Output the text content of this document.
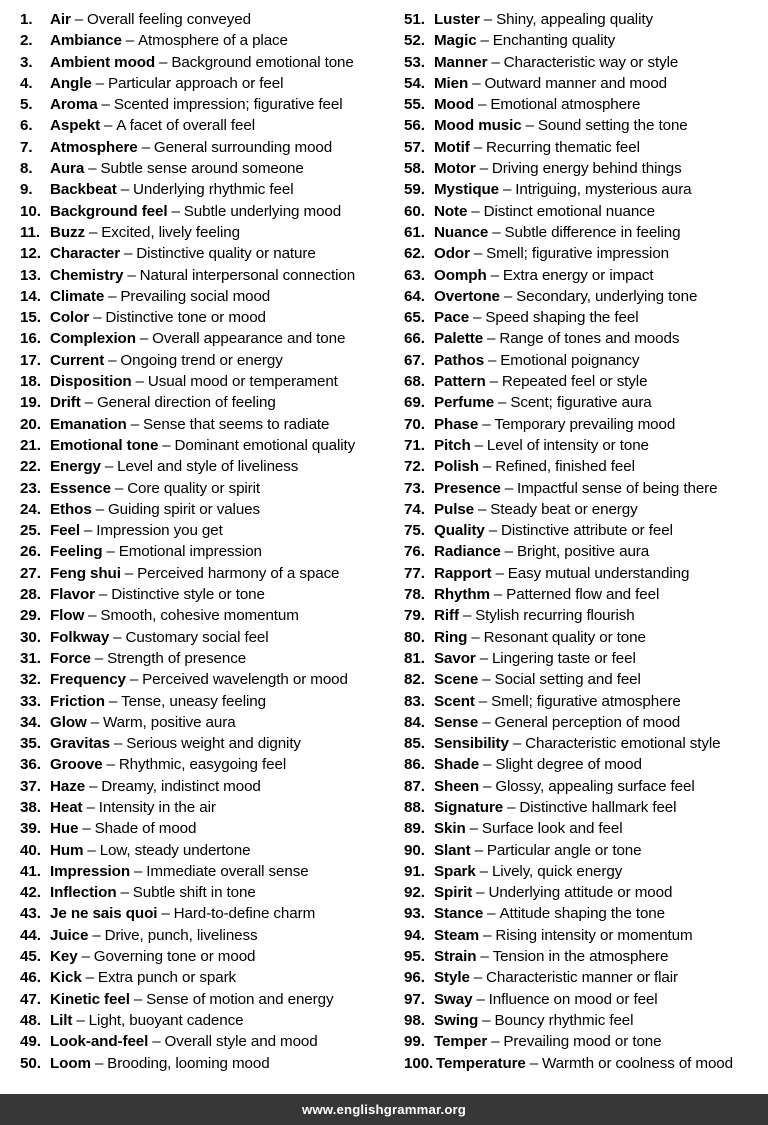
1.	Air – Overall feeling conveyed
2.	Ambiance – Atmosphere of a place
3.	Ambient mood – Background emotional tone
4.	Angle – Particular approach or feel
5.	Aroma – Scented impression; figurative feel
6.	Aspekt – A facet of overall feel
7.	Atmosphere – General surrounding mood
8.	Aura – Subtle sense around someone
9.	Backbeat – Underlying rhythmic feel
10. Background feel – Subtle underlying mood
11. Buzz – Excited, lively feeling
12. Character – Distinctive quality or nature
13. Chemistry – Natural interpersonal connection
14. Climate – Prevailing social mood
15. Color – Distinctive tone or mood
16. Complexion – Overall appearance and tone
17. Current – Ongoing trend or energy
18. Disposition – Usual mood or temperament
19. Drift – General direction of feeling
20. Emanation – Sense that seems to radiate
21. Emotional tone – Dominant emotional quality
22. Energy – Level and style of liveliness
23. Essence – Core quality or spirit
24. Ethos – Guiding spirit or values
25. Feel – Impression you get
26. Feeling – Emotional impression
27. Feng shui – Perceived harmony of a space
28. Flavor – Distinctive style or tone
29. Flow – Smooth, cohesive momentum
30. Folkway – Customary social feel
31. Force – Strength of presence
32. Frequency – Perceived wavelength or mood
33. Friction – Tense, uneasy feeling
34. Glow – Warm, positive aura
35. Gravitas – Serious weight and dignity
36. Groove – Rhythmic, easygoing feel
37. Haze – Dreamy, indistinct mood
38. Heat – Intensity in the air
39. Hue – Shade of mood
40. Hum – Low, steady undertone
41. Impression – Immediate overall sense
42. Inflection – Subtle shift in tone
43. Je ne sais quoi – Hard-to-define charm
44. Juice – Drive, punch, liveliness
45. Key – Governing tone or mood
46. Kick – Extra punch or spark
47. Kinetic feel – Sense of motion and energy
48. Lilt – Light, buoyant cadence
49. Look-and-feel – Overall style and mood
50. Loom – Brooding, looming mood
51. Luster – Shiny, appealing quality
52. Magic – Enchanting quality
53. Manner – Characteristic way or style
54. Mien – Outward manner and mood
55. Mood – Emotional atmosphere
56. Mood music – Sound setting the tone
57. Motif – Recurring thematic feel
58. Motor – Driving energy behind things
59. Mystique – Intriguing, mysterious aura
60. Note – Distinct emotional nuance
61. Nuance – Subtle difference in feeling
62. Odor – Smell; figurative impression
63. Oomph – Extra energy or impact
64. Overtone – Secondary, underlying tone
65. Pace – Speed shaping the feel
66. Palette – Range of tones and moods
67. Pathos – Emotional poignancy
68. Pattern – Repeated feel or style
69. Perfume – Scent; figurative aura
70. Phase – Temporary prevailing mood
71. Pitch – Level of intensity or tone
72. Polish – Refined, finished feel
73. Presence – Impactful sense of being there
74. Pulse – Steady beat or energy
75. Quality – Distinctive attribute or feel
76. Radiance – Bright, positive aura
77. Rapport – Easy mutual understanding
78. Rhythm – Patterned flow and feel
79. Riff – Stylish recurring flourish
80. Ring – Resonant quality or tone
81. Savor – Lingering taste or feel
82. Scene – Social setting and feel
83. Scent – Smell; figurative atmosphere
84. Sense – General perception of mood
85. Sensibility – Characteristic emotional style
86. Shade – Slight degree of mood
87. Sheen – Glossy, appealing surface feel
88. Signature – Distinctive hallmark feel
89. Skin – Surface look and feel
90. Slant – Particular angle or tone
91. Spark – Lively, quick energy
92. Spirit – Underlying attitude or mood
93. Stance – Attitude shaping the tone
94. Steam – Rising intensity or momentum
95. Strain – Tension in the atmosphere
96. Style – Characteristic manner or flair
97. Sway – Influence on mood or feel
98. Swing – Bouncy rhythmic feel
99. Temper – Prevailing mood or tone
100. Temperature – Warmth or coolness of mood
www.englishgrammar.org
